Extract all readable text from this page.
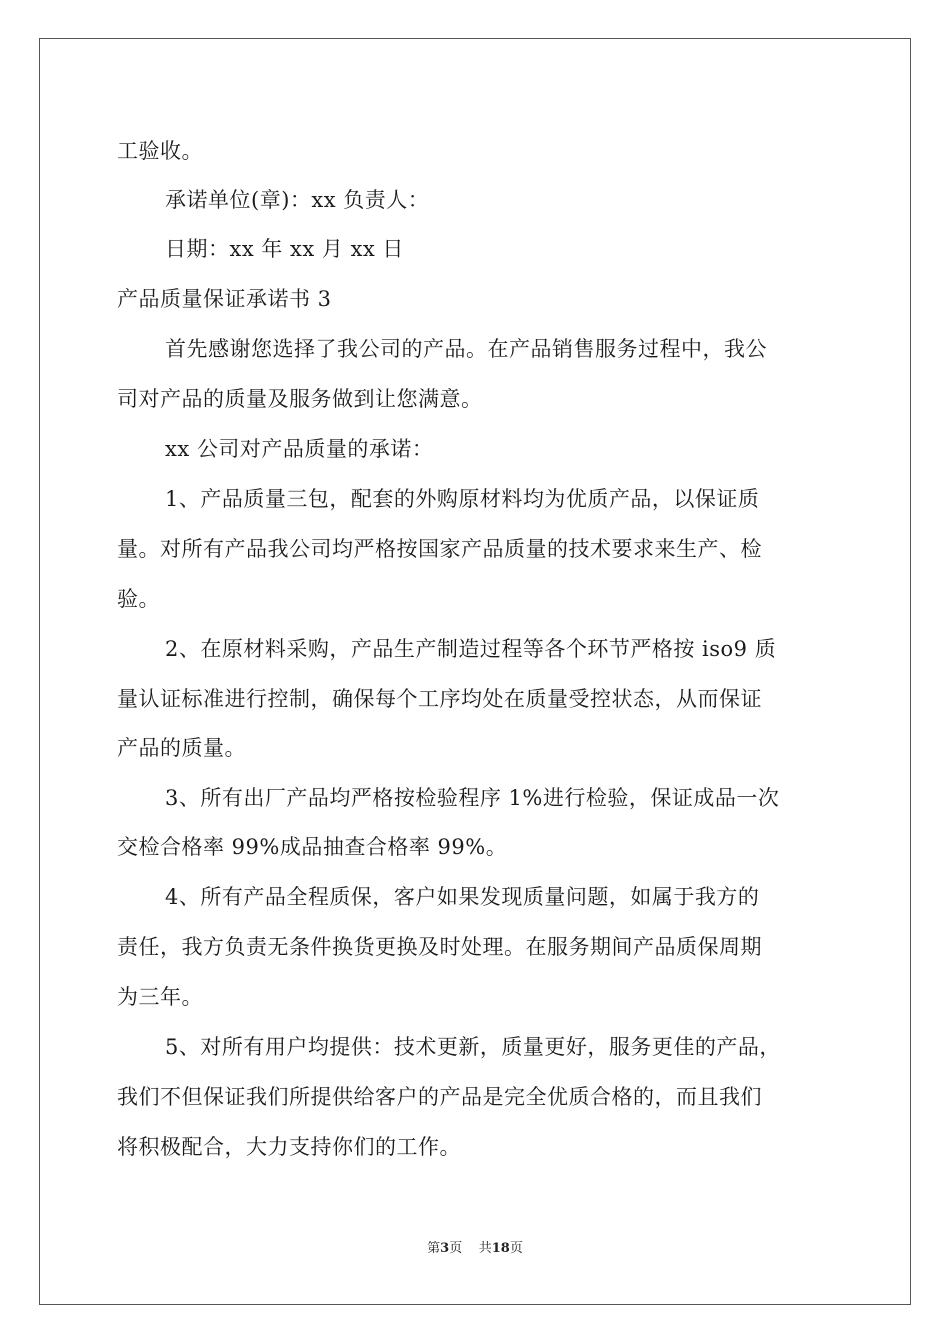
工验收。
承诺单位(章)：xx 负责人：
日期：xx 年 xx 月 xx 日
产品质量保证承诺书 3
首先感谢您选择了我公司的产品。在产品销售服务过程中，我公
司对产品的质量及服务做到让您满意。
xx 公司对产品质量的承诺：
1、产品质量三包，配套的外购原材料均为优质产品，以保证质
量。对所有产品我公司均严格按国家产品质量的技术要求来生产、检
验。
2、在原材料采购，产品生产制造过程等各个环节严格按 iso9 质
量认证标准进行控制，确保每个工序均处在质量受控状态，从而保证
产品的质量。
3、所有出厂产品均严格按检验程序 1%进行检验，保证成品一次
交检合格率 99%成品抽查合格率 99%。
4、所有产品全程质保，客户如果发现质量问题，如属于我方的
责任，我方负责无条件换货更换及时处理。在服务期间产品质保周期
为三年。
5、对所有用户均提供：技术更新，质量更好，服务更佳的产品，
我们不但保证我们所提供给客户的产品是完全优质合格的，而且我们
将积极配合，大力支持你们的工作。
第3页 共18页
